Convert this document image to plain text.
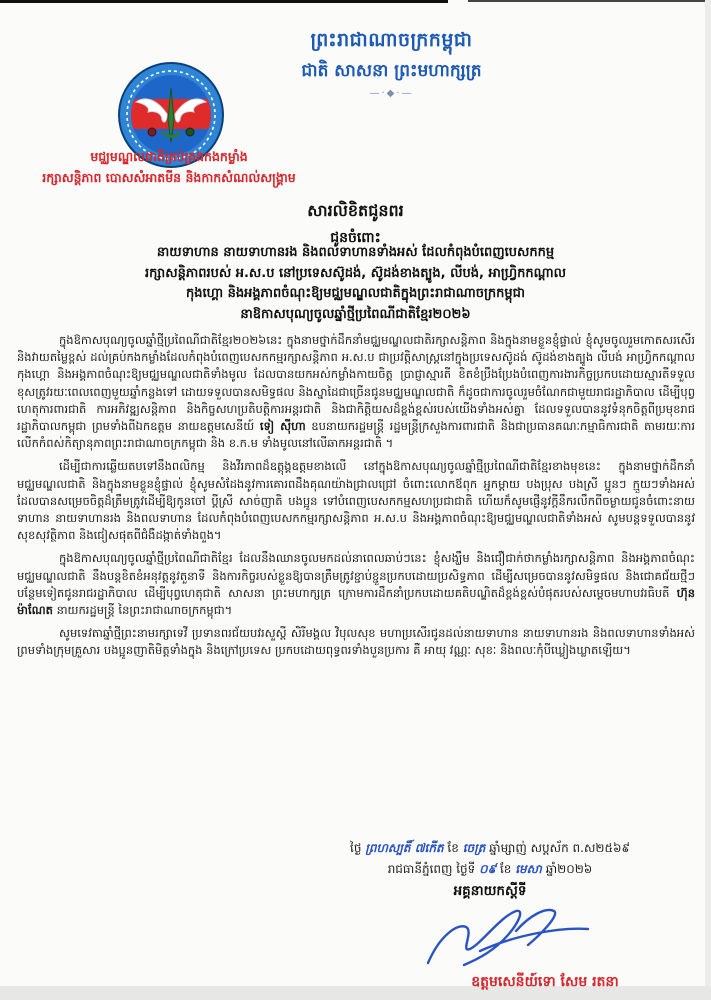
ព្រះរាជាណាចក្រកម្ពុជា
ជាតិ សាសនា ព្រះមហាក្សត្រ
—·◆·—
មជ្ឈមណ្ឌលជាតិគ្រប់គ្រងកងកម្លាំង
រក្សាសន្តិភាព បោសសំអាតមីន និងកាកសំណល់សង្គ្រាម
សារលិខិតជូនពរ
ជូនចំពោះ
នាយទាហាន នាយទាហានរង និងពលទាហានទាំងអស់ ដែលកំពុងបំពេញបេសកកម្ម
រក្សាសន្តិភាពរបស់ អ.ស.ប នៅប្រទេសស៊ូដង់, ស៊ូដង់ខាងត្បូង, លីបង់, អាហ្វ្រិកកណ្តាល
កុងហ្គោ និងអង្គភាពចំណុះឱ្យមជ្ឈមណ្ឌលជាតិក្នុងព្រះរាជាណាចក្រកម្ពុជា
នាឱកាសបុណ្យចូលឆ្នាំថ្មីប្រពៃណីជាតិខ្មែរ២០២៦

ក្នុងឱកាសបុណ្យចូលឆ្នាំថ្មីប្រពៃណីជាតិខ្មែរ២០២៦នេះ ក្នុងនាមថ្នាក់ដឹកនាំមជ្ឈមណ្ឌលជាតិរក្សាសន្តិភាព និងក្នុងនាមខ្លួនខ្ញុំផ្ទាល់ ខ្ញុំសូមចូលរួមកោតសរសើរនិងវាយតម្លៃខ្ពស់ ដល់គ្រប់កងកម្លាំងដែលកំពុងបំពេញបេសកកម្មរក្សាសន្តិភាព អ.ស.ប ជាប្រវត្តិសាស្ត្រនៅក្នុងប្រទេសស៊ូដង់ ស៊ូដង់ខាងត្បូង លីបង់ អាហ្វ្រិកកណ្តាល កុងហ្គោ និងអង្គភាពចំណុះឱ្យមជ្ឈមណ្ឌលជាតិទាំងមូល ដែលបានយកអស់កម្លាំងកាយចិត្ត ប្រាជ្ញាស្មារតី ខិតខំប្រឹងប្រែងបំពេញការងារកិច្ចប្រកបដោយស្មារតីទទួលខុសត្រូវរយៈពេលពេញមួយឆ្នាំកន្លងទៅ ដោយទទួលបានសមិទ្ធផល និងស្នាដៃជាច្រើនជូនមជ្ឈមណ្ឌលជាតិ ក៏ដូចជាការចូលរួមចំណែកជាមួយរាជរដ្ឋាភិបាល ដើម្បីបុព្វហេតុការពារជាតិ ការអភិវឌ្ឍសន្តិភាព និងកិច្ចសហប្រតិបត្តិការអន្តរជាតិ និងជាកិត្តិយសដ៏ខ្ពង់ខ្ពស់របស់យើងទាំងអស់គ្នា ដែលទទួលបាននូវទំនុកចិត្តពីប្រមុខរាជរដ្ឋាភិបាលកម្ពុជា ព្រមទាំងពីឯកឧត្តម នាយឧត្តមសេនីយ៍ ទៀ ស៊ីហា ឧបនាយករដ្ឋមន្ត្រី រដ្ឋមន្ត្រីក្រសួងការពារជាតិ និងជាប្រធានគណៈកម្មាធិការជាតិ តាមរយៈការលើកកំពស់កិត្យានុភាពព្រះរាជាណាចក្រកម្ពុជា និង ខ.ក.ម ទាំងមូលនៅលើឆាកអន្តរជាតិ ។

ដើម្បីជាការឆ្លើយតបទៅនឹងពលិកម្ម និងវីរភាពដ៏ឧត្តុង្គឧត្តមខាងលើ នៅក្នុងឱកាសបុណ្យចូលឆ្នាំថ្មីប្រពៃណីជាតិខ្មែរខាងមុខនេះ ក្នុងនាមថ្នាក់ដឹកនាំមជ្ឈមណ្ឌលជាតិ និងក្នុងនាមខ្លួនខ្ញុំផ្ទាល់ ខ្ញុំសូមសំដែងនូវការគោរពដឹងគុណយ៉ាងជ្រាលជ្រៅ ចំពោះលោកឪពុក អ្នកម្តាយ បងប្រុស បងស្រី ប្អូនៗ ក្មួយៗទាំងអស់ ដែលបានសម្រេចចិត្តដ៏ត្រឹមត្រូវដើម្បីឱ្យកូនចៅ ប្តីស្រី សាច់ញាតិ បងប្អូន ទៅបំពេញបេសកកម្មសហប្រជាជាតិ ហើយក៏សូមផ្ញើនូវក្តីនឹករលឹកពីចម្ងាយជូនចំពោះនាយទាហាន នាយទាហានរង និងពលទាហាន ដែលកំពុងបំពេញបេសកកម្មរក្សាសន្តិភាព អ.ស.ប និងអង្គភាពចំណុះឱ្យមជ្ឈមណ្ឌលជាតិទាំងអស់ សូមបន្តទទួលបាននូវសុខសុវត្ថិភាព និងជៀសផុតពីជំងឺដង្កាត់ទាំងពួង។

ក្នុងឱកាសបុណ្យចូលឆ្នាំថ្មីប្រពៃណីជាតិខ្មែរ ដែលនឹងឈានចូលមកដល់នាពេលឆាប់ៗនេះ ខ្ញុំសង្ឃឹម និងជឿជាក់ថាកម្លាំងរក្សាសន្តិភាព និងអង្គភាពចំណុះមជ្ឈមណ្ឌលជាតិ នឹងបន្តខិតខំអនុវត្តនូវតួនាទី និងការកិច្ចរបស់ខ្លួនឱ្យបានត្រឹមត្រូវខ្ជាប់ខ្ជួនប្រកបដោយប្រសិទ្ធភាព ដើម្បីសម្រេចបាននូវសមិទ្ធផល និងជោគជ័យថ្មីៗបន្ថែមទៀតជូនរាជរដ្ឋាភិបាល ដើម្បីបុព្វហេតុជាតិ សាសនា ព្រះមហាក្សត្រ ក្រោមការដឹកនាំប្រកបដោយគតិបណ្ឌិតដ៏ខ្ពង់ខ្ពស់បំផុតរបស់សម្តេចមហាបវរធិបតី ហ៊ុន ម៉ាណែត នាយករដ្ឋមន្ត្រី នៃព្រះរាជាណាចក្រកម្ពុជា។

សូមទេវតាឆ្នាំថ្មីព្រះនាមរក្សាទេវី ប្រទានពរជ័យបវរសួស្តី សិរីមង្គល វិបុលសុខ មហាប្រសើរជូនដល់នាយទាហាន នាយទាហានរង និងពលទាហានទាំងអស់ ព្រមទាំងក្រុមគ្រួសារ បងប្អូនញាតិមិត្តទាំងក្នុង និងក្រៅប្រទេស ប្រកបដោយពុទ្ធពរទាំងបួនប្រការ គឺ អាយុ វណ្ណៈ សុខៈ និងពលៈកុំបីឃ្លៀងឃ្លាតឡើយ។

ថ្ងៃ ព្រហស្បតិ៍ ៧កើត ខែ ចេត្រ ឆ្នាំម្សាញ់ សប្តស័ក ព.ស២៥៦៩
រាជធានីភ្នំពេញ ថ្ងៃទី ០៩ ខែ មេសា ឆ្នាំ២០២៦
អគ្គនាយកស្ដីទី
ឧត្តមសេនីយ៍ទោ សែម រតនា
